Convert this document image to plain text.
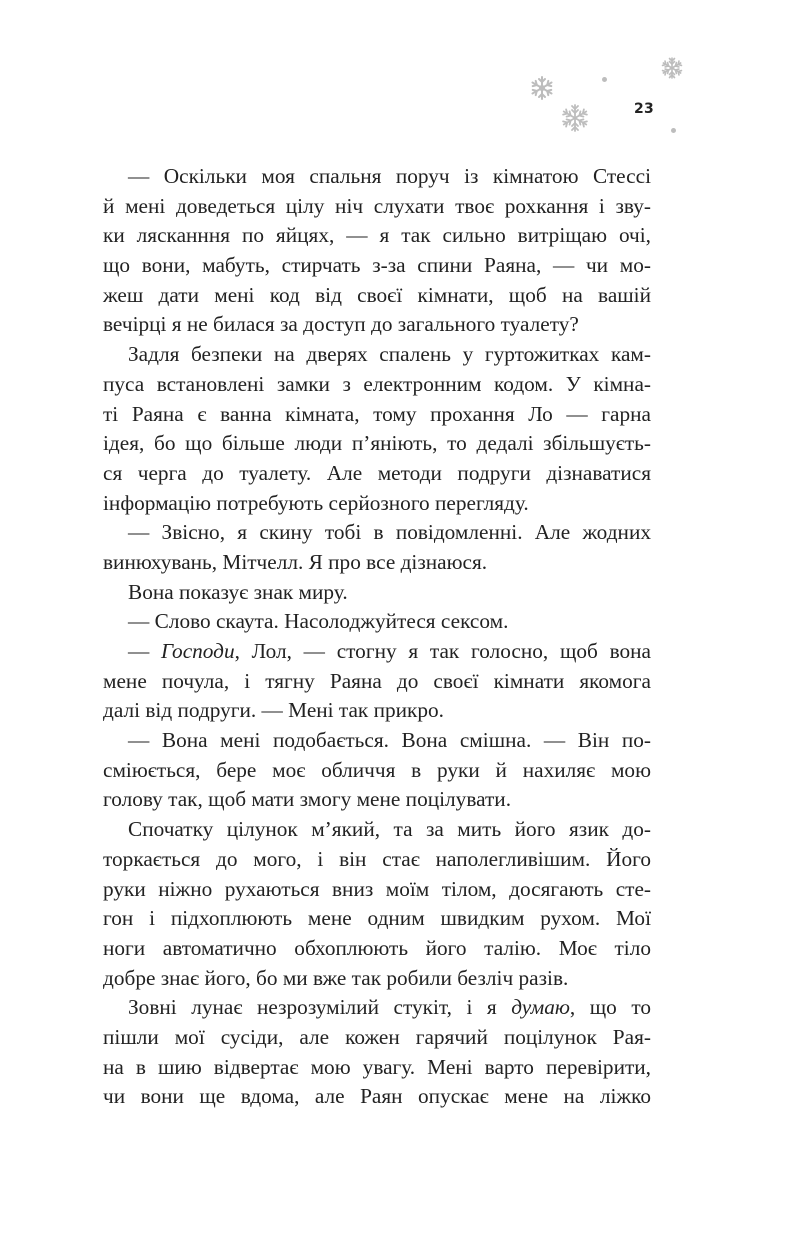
23
— Оскільки моя спальня поруч із кімнатою Стессі
й мені доведеться цілу ніч слухати твоє рохкання і зву-
ки лясканння по яйцях, — я так сильно витріщаю очі,
що вони, мабуть, стирчать з-за спини Раяна, — чи мо-
жеш дати мені код від своєї кімнати, щоб на вашій
вечірці я не билася за доступ до загального туалету?
Задля безпеки на дверях спалень у гуртожитках кам-
пуса встановлені замки з електронним кодом. У кімна-
ті Раяна є ванна кімната, тому прохання Ло — гарна
ідея, бо що більше люди п’яніють, то дедалі збільшуєть-
ся черга до туалету. Але методи подруги дізнаватися
інформацію потребують серйозного перегляду.
— Звісно, я скину тобі в повідомленні. Але жодних
винюхувань, Мітчелл. Я про все дізнаюся.
Вона показує знак миру.
— Слово скаута. Насолоджуйтеся сексом.
— Господи, Лол, — стогну я так голосно, щоб вона
мене почула, і тягну Раяна до своєї кімнати якомога
далі від подруги. — Мені так прикро.
— Вона мені подобається. Вона смішна. — Він по-
сміюється, бере моє обличчя в руки й нахиляє мою
голову так, щоб мати змогу мене поцілувати.
Спочатку цілунок м’який, та за мить його язик до-
торкається до мого, і він стає наполегливішим. Його
руки ніжно рухаються вниз моїм тілом, досягають сте-
гон і підхоплюють мене одним швидким рухом. Мої
ноги автоматично обхоплюють його талію. Моє тіло
добре знає його, бо ми вже так робили безліч разів.
Зовні лунає незрозумілий стукіт, і я думаю, що то
пішли мої сусіди, але кожен гарячий поцілунок Рая-
на в шию відвертає мою увагу. Мені варто перевірити,
чи вони ще вдома, але Раян опускає мене на ліжко
